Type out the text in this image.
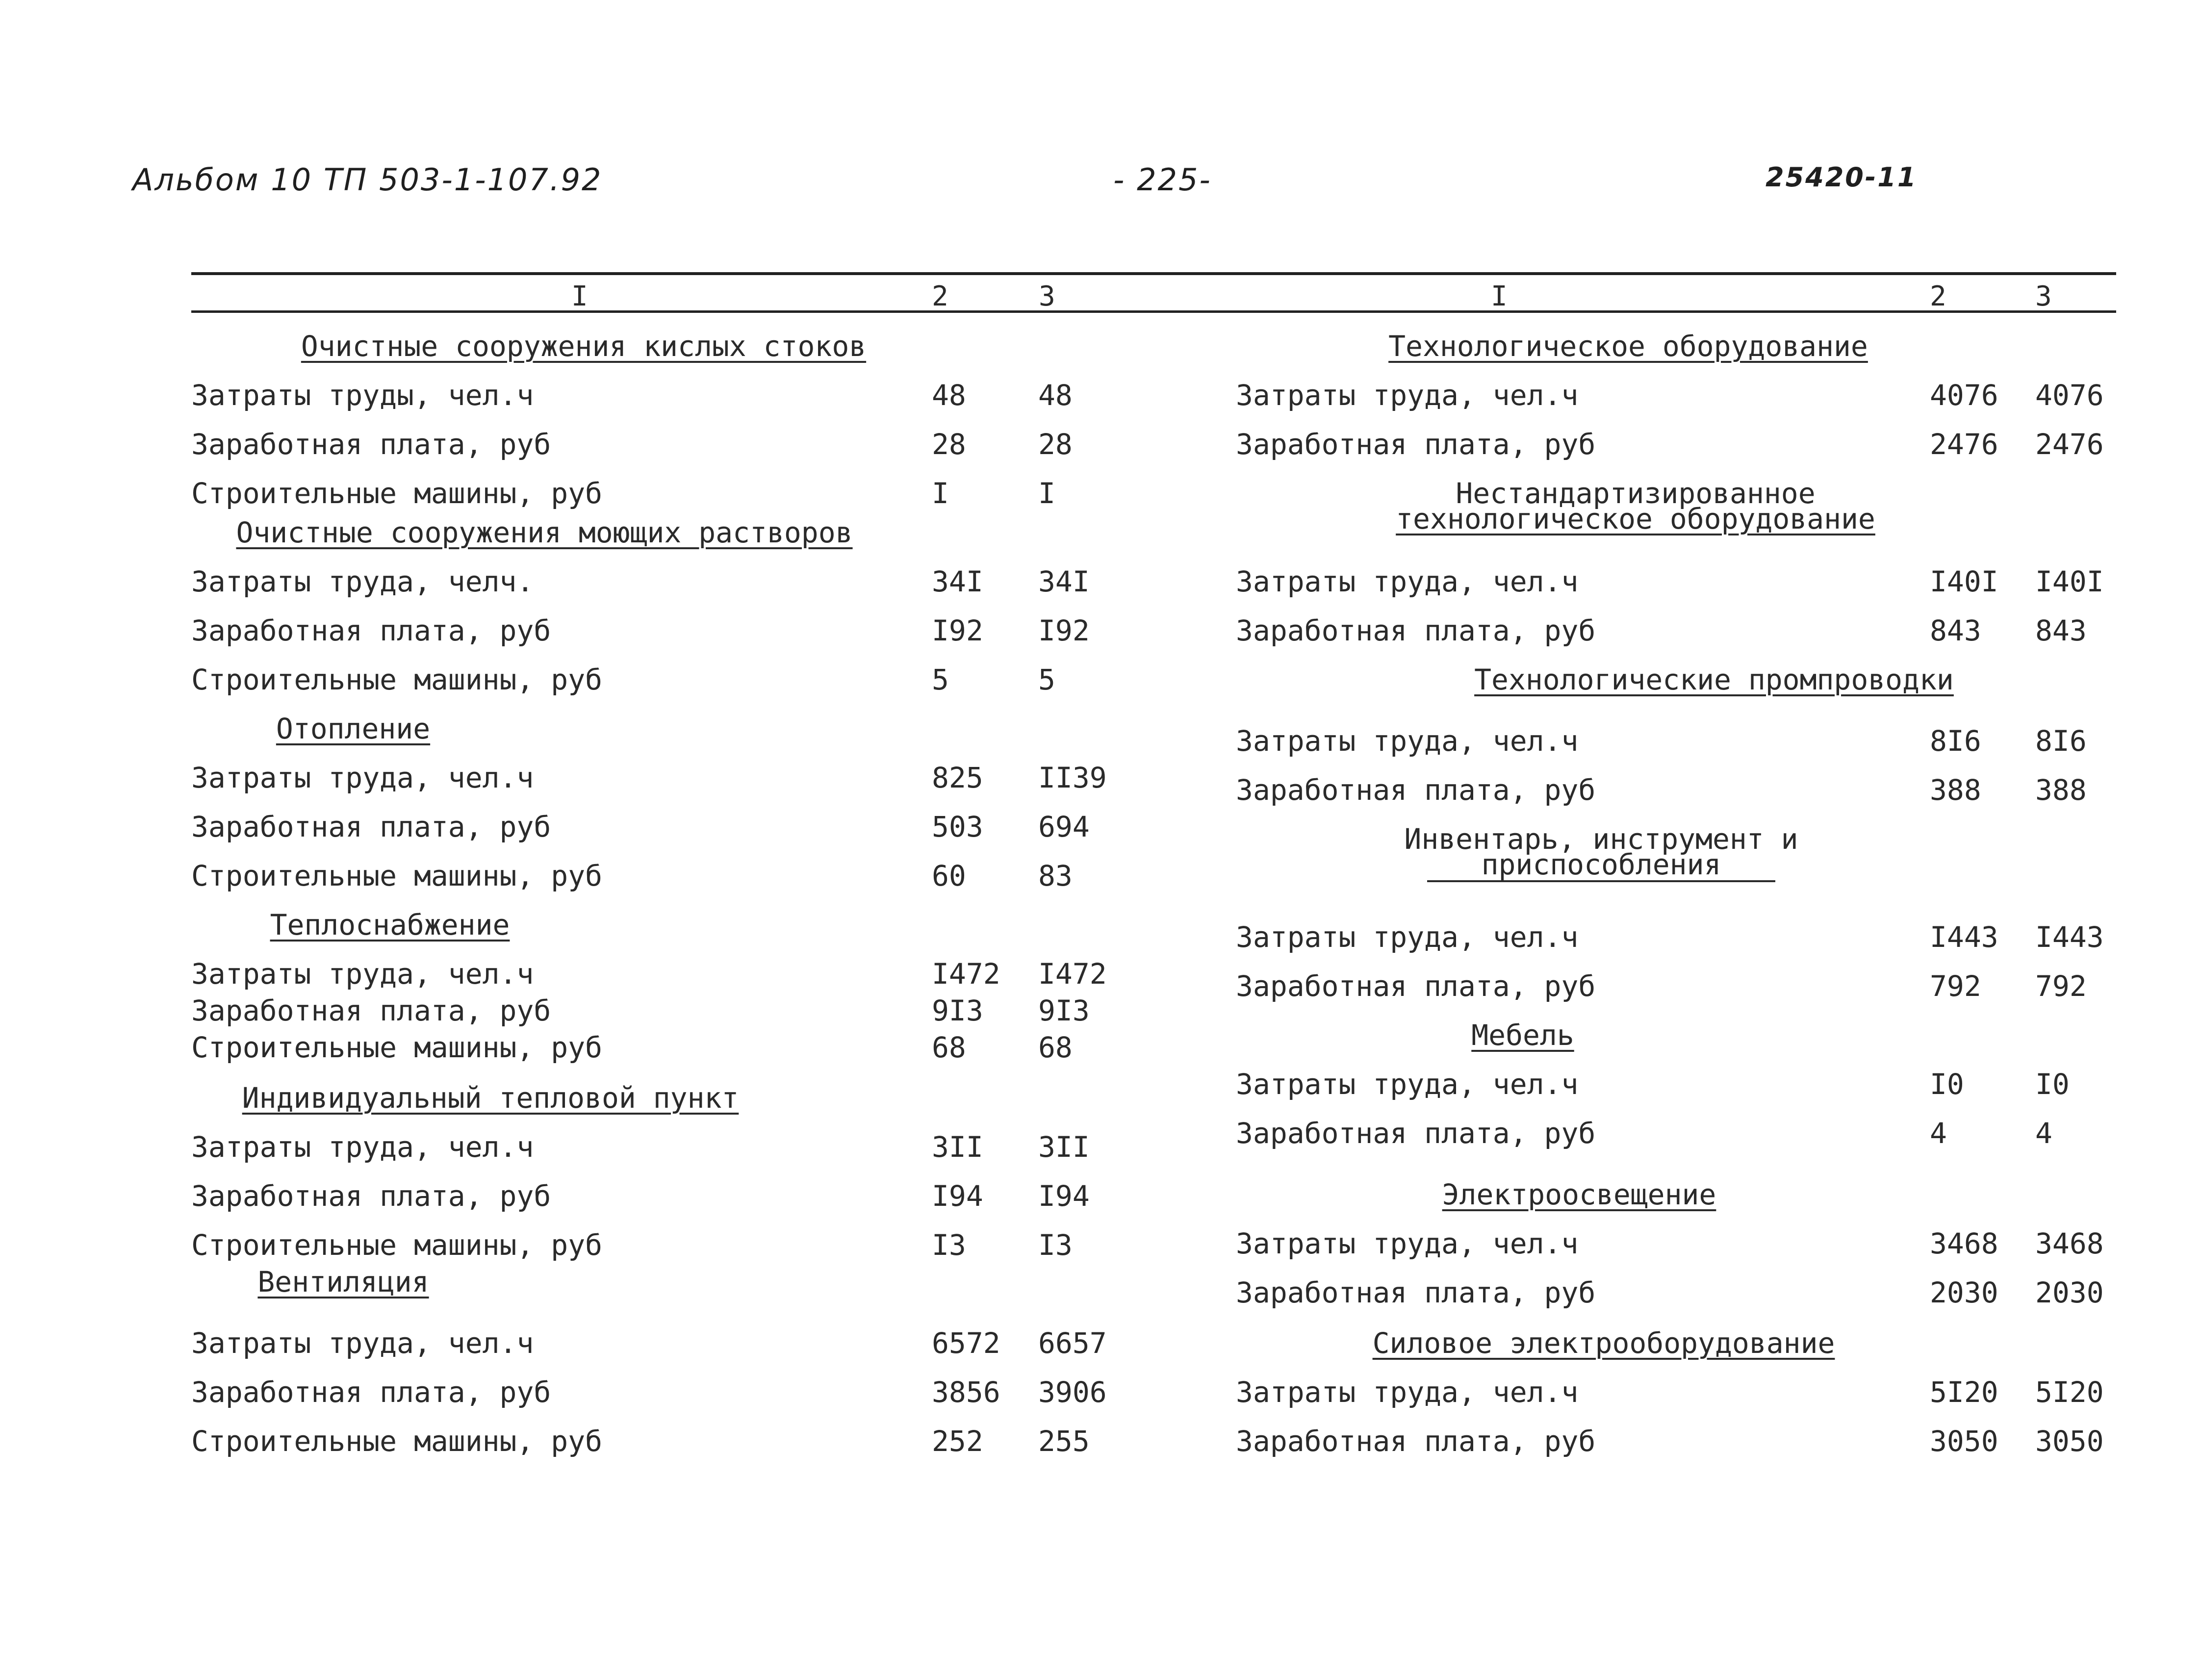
Альбом 10 ТП 503-1-107.92	- 225-	25420-11
I	2	3	I	2	3
Очистные сооружения кислых стоков
Затраты труды, чел.ч	48	48
Заработная плата, руб	28	28
Строительные машины, руб	I	I
Очистные сооружения моющих растворов
Затраты труда, челч.	34I 34I
Заработная плата, руб	I92 I92
Строительные машины, руб	5	5
Отопление
Затраты труда, чел.ч	825 II39
Заработная плата, руб	503 694
Строительные машины, руб	60	83
Теплоснабжение
Затраты труда, чел.ч	I472 I472
Заработная плата, руб	9I3 9I3
Строительные машины, руб	68	68
Индивидуальный тепловой пункт
Затраты труда, чел.ч	3II 3II
Заработная плата, руб	I94 I94
Строительные машины, руб	I3	I3
Вентиляция
Затраты труда, чел.ч	6572 6657
Заработная плата, руб	3856 3906
Строительные машины, руб	252 255
Технологическое оборудование
Затраты труда, чел.ч	4076 4076
Заработная плата, руб	2476 2476
Нестандартизированное
технологическое оборудование
Затраты труда, чел.ч	I40I I40I
Заработная плата, руб	843 843
Технологические промпроводки
Затраты труда, чел.ч	8I6 8I6
Заработная плата, руб	388 388
Инвентарь, инструмент и
приспособления
Затраты труда, чел.ч	I443 I443
Заработная плата, руб	792 792
Мебель
Затраты труда, чел.ч	I0	I0
Заработная плата, руб	4	4
Электроосвещение
Затраты труда, чел.ч	3468 3468
Заработная плата, руб	2030 2030
Силовое электрооборудование
Затраты труда, чел.ч	5I20 5I20
Заработная плата, руб	3050 3050
